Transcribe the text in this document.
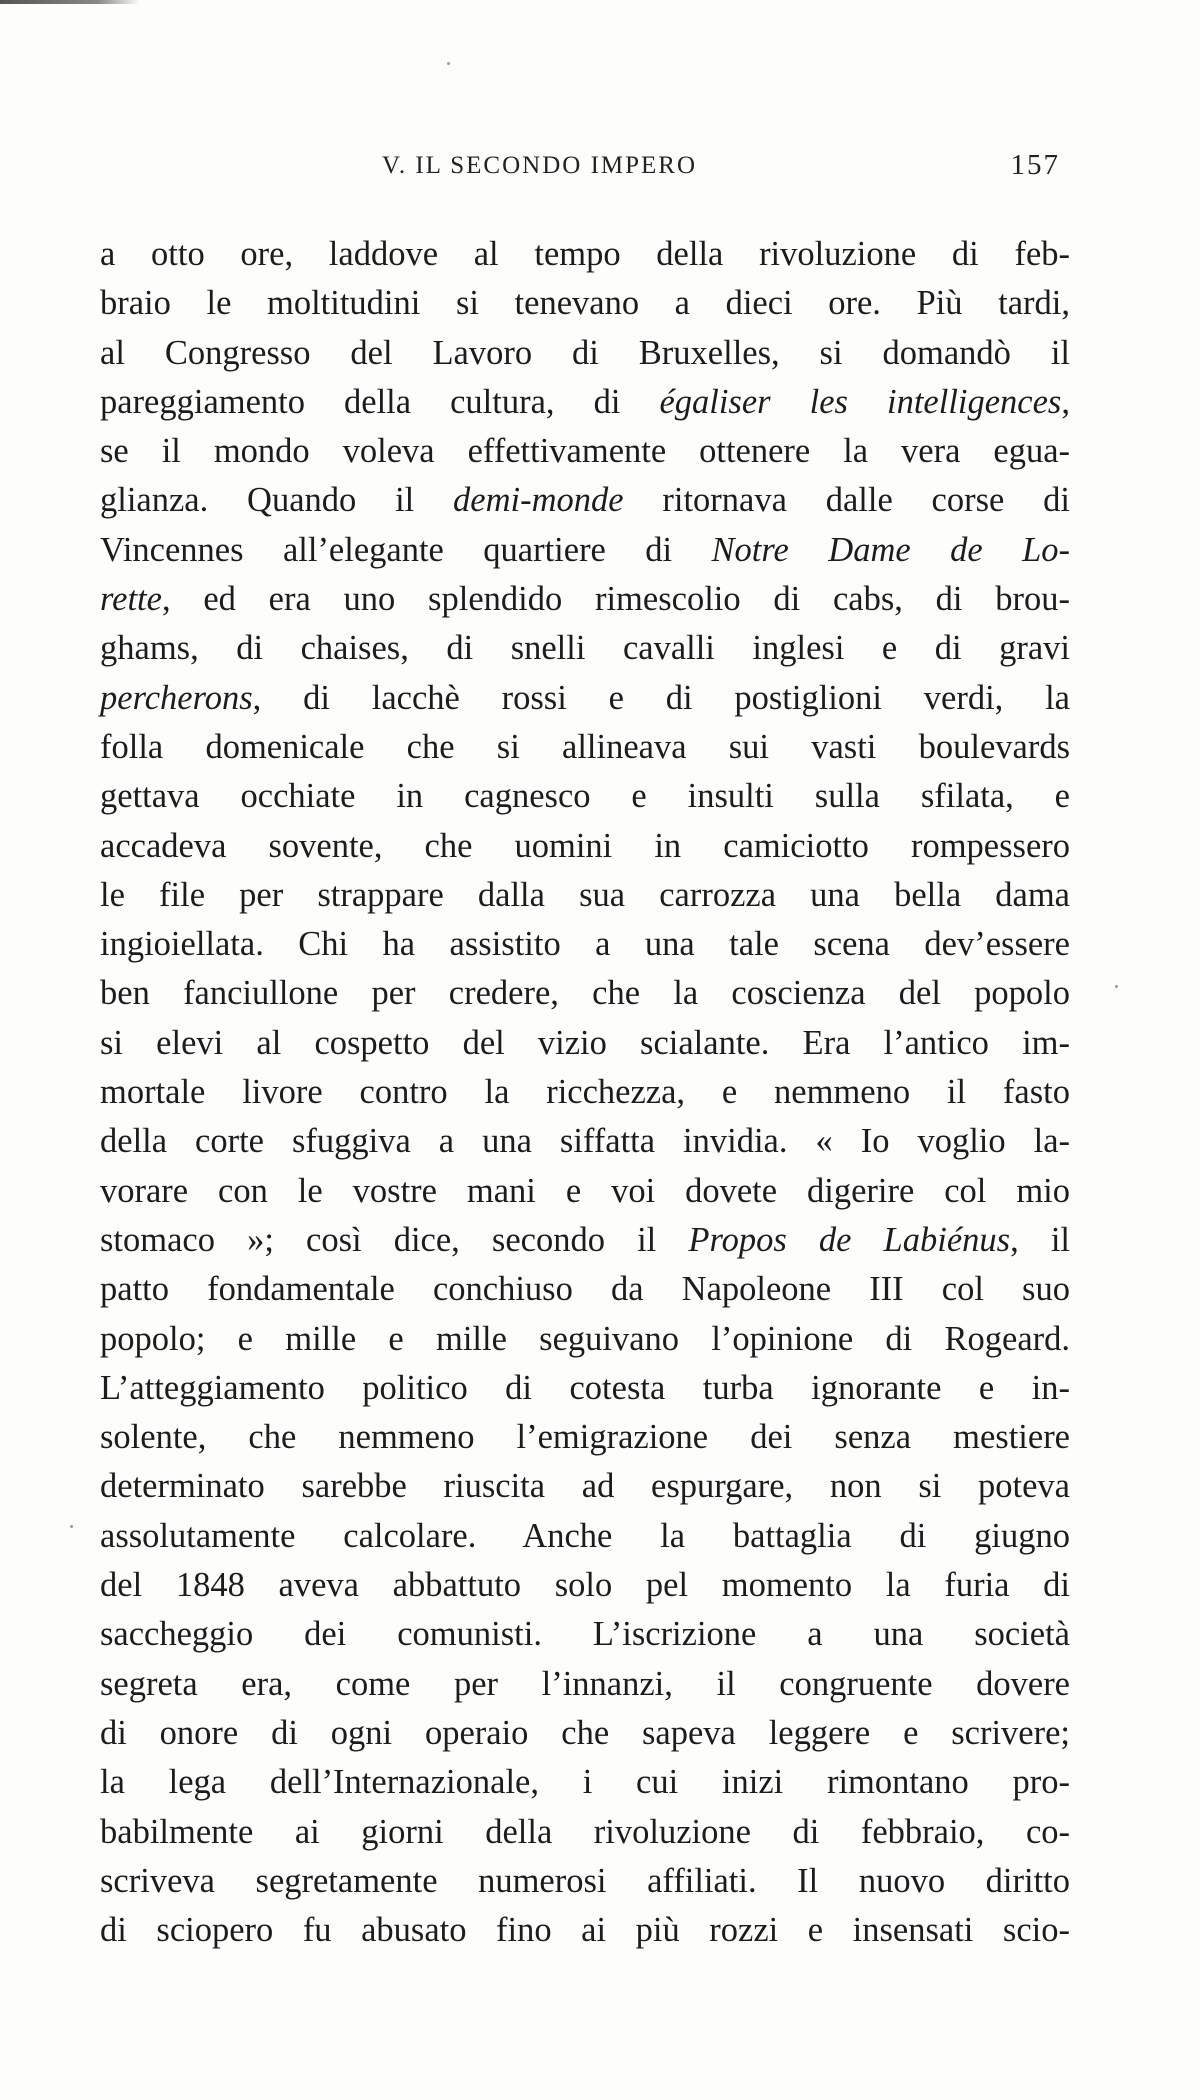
V. IL SECONDO IMPERO	157
a otto ore, laddove al tempo della rivoluzione di feb-
braio le moltitudini si tenevano a dieci ore. Più tardi,
al Congresso del Lavoro di Bruxelles, si domandò il
pareggiamento della cultura, di égaliser les intelligences,
se il mondo voleva effettivamente ottenere la vera egua-
glianza. Quando il demi-monde ritornava dalle corse di
Vincennes all’elegante quartiere di Notre Dame de Lo-
rette, ed era uno splendido rimescolio di cabs, di brou-
ghams, di chaises, di snelli cavalli inglesi e di gravi
percherons, di lacchè rossi e di postiglioni verdi, la
folla domenicale che si allineava sui vasti boulevards
gettava occhiate in cagnesco e insulti sulla sfilata, e
accadeva sovente, che uomini in camiciotto rompessero
le file per strappare dalla sua carrozza una bella dama
ingioiellata. Chi ha assistito a una tale scena dev’essere
ben fanciullone per credere, che la coscienza del popolo
si elevi al cospetto del vizio scialante. Era l’antico im-
mortale livore contro la ricchezza, e nemmeno il fasto
della corte sfuggiva a una siffatta invidia. « Io voglio la-
vorare con le vostre mani e voi dovete digerire col mio
stomaco »; così dice, secondo il Propos de Labiénus, il
patto fondamentale conchiuso da Napoleone III col suo
popolo; e mille e mille seguivano l’opinione di Rogeard.
L’atteggiamento politico di cotesta turba ignorante e in-
solente, che nemmeno l’emigrazione dei senza mestiere
determinato sarebbe riuscita ad espurgare, non si poteva
assolutamente calcolare. Anche la battaglia di giugno
del 1848 aveva abbattuto solo pel momento la furia di
saccheggio dei comunisti. L’iscrizione a una società
segreta era, come per l’innanzi, il congruente dovere
di onore di ogni operaio che sapeva leggere e scrivere;
la lega dell’Internazionale, i cui inizi rimontano pro-
babilmente ai giorni della rivoluzione di febbraio, co-
scriveva segretamente numerosi affiliati. Il nuovo diritto
di sciopero fu abusato fino ai più rozzi e insensati scio-
